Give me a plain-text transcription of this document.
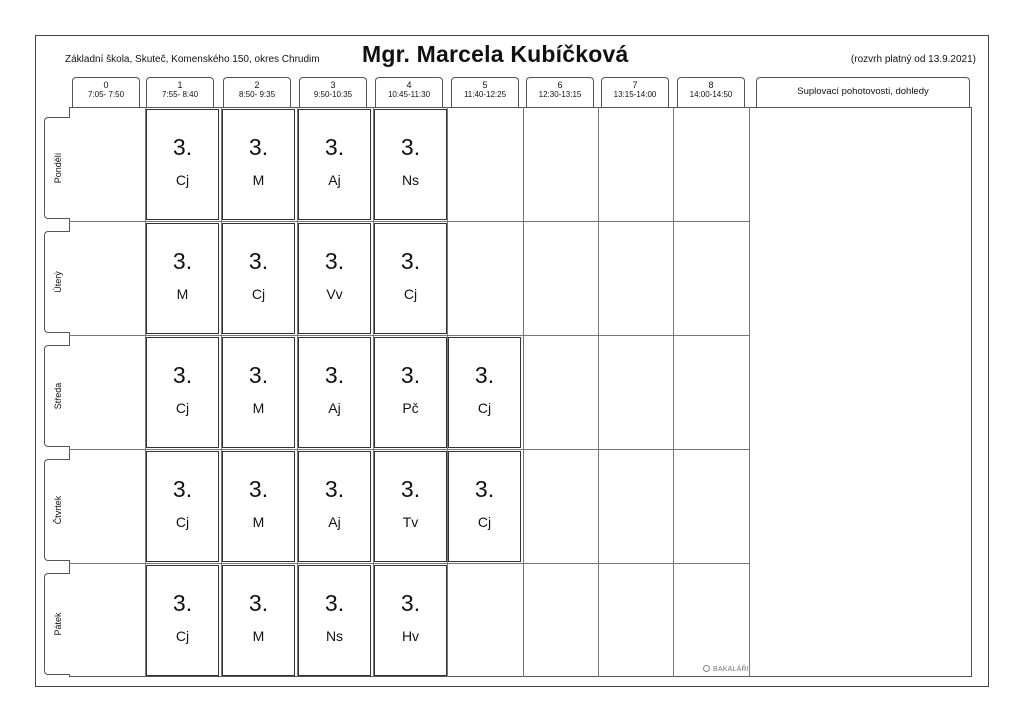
Základní škola, Skuteč, Komenského 150, okres Chrudim Mgr. Marcela Kubíčková	(rozvrh platný od 13.9.2021)
0
7:05- 7:50
1
7:55- 8:40
2
8:50- 9:35
3
9:50-10:35
4
10:45-11:30
5
11:40-12:25
6
12:30-13:15
7
13:15-14:00
8
14:00-14:50	Suplovací pohotovosti, dohledy
Pondělí
Úterý
Středa
Čtvrtek
Pátek
3.
Cj
3.
M
3.
Aj
3.
Ns
3.
M
3.
Cj
3.
Vv
3.
Cj
3.
Cj
3.
M
3.
Aj
3.
Pč
3.
Cj
3.
Cj
3.
M
3.
Aj
3.
Tv
3.
Cj
3.
Cj
3.
M
3.
Ns
3.
Hv
BAKALÁŘI
